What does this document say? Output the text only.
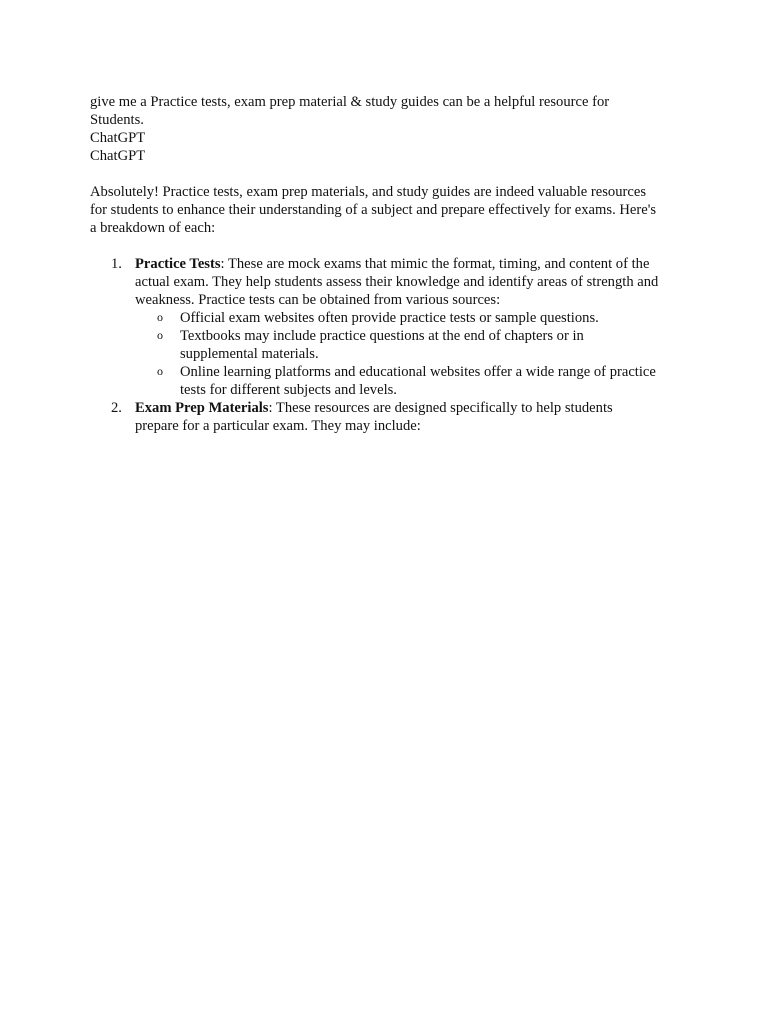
give me a Practice tests, exam prep material & study guides can be a helpful resource for
Students.

ChatGPT

ChatGPT

Absolutely! Practice tests, exam prep materials, and study guides are indeed valuable resources
for students to enhance their understanding of a subject and prepare effectively for exams. Here's
a breakdown of each:

1. Practice Tests: These are mock exams that mimic the format, timing, and content of the
actual exam. They help students assess their knowledge and identify areas of strength and
weakness. Practice tests can be obtained from various sources:
o Official exam websites often provide practice tests or sample questions.
o Textbooks may include practice questions at the end of chapters or in
supplemental materials.
o Online learning platforms and educational websites offer a wide range of practice
tests for different subjects and levels.
2. Exam Prep Materials: These resources are designed specifically to help students
prepare for a particular exam. They may include:
